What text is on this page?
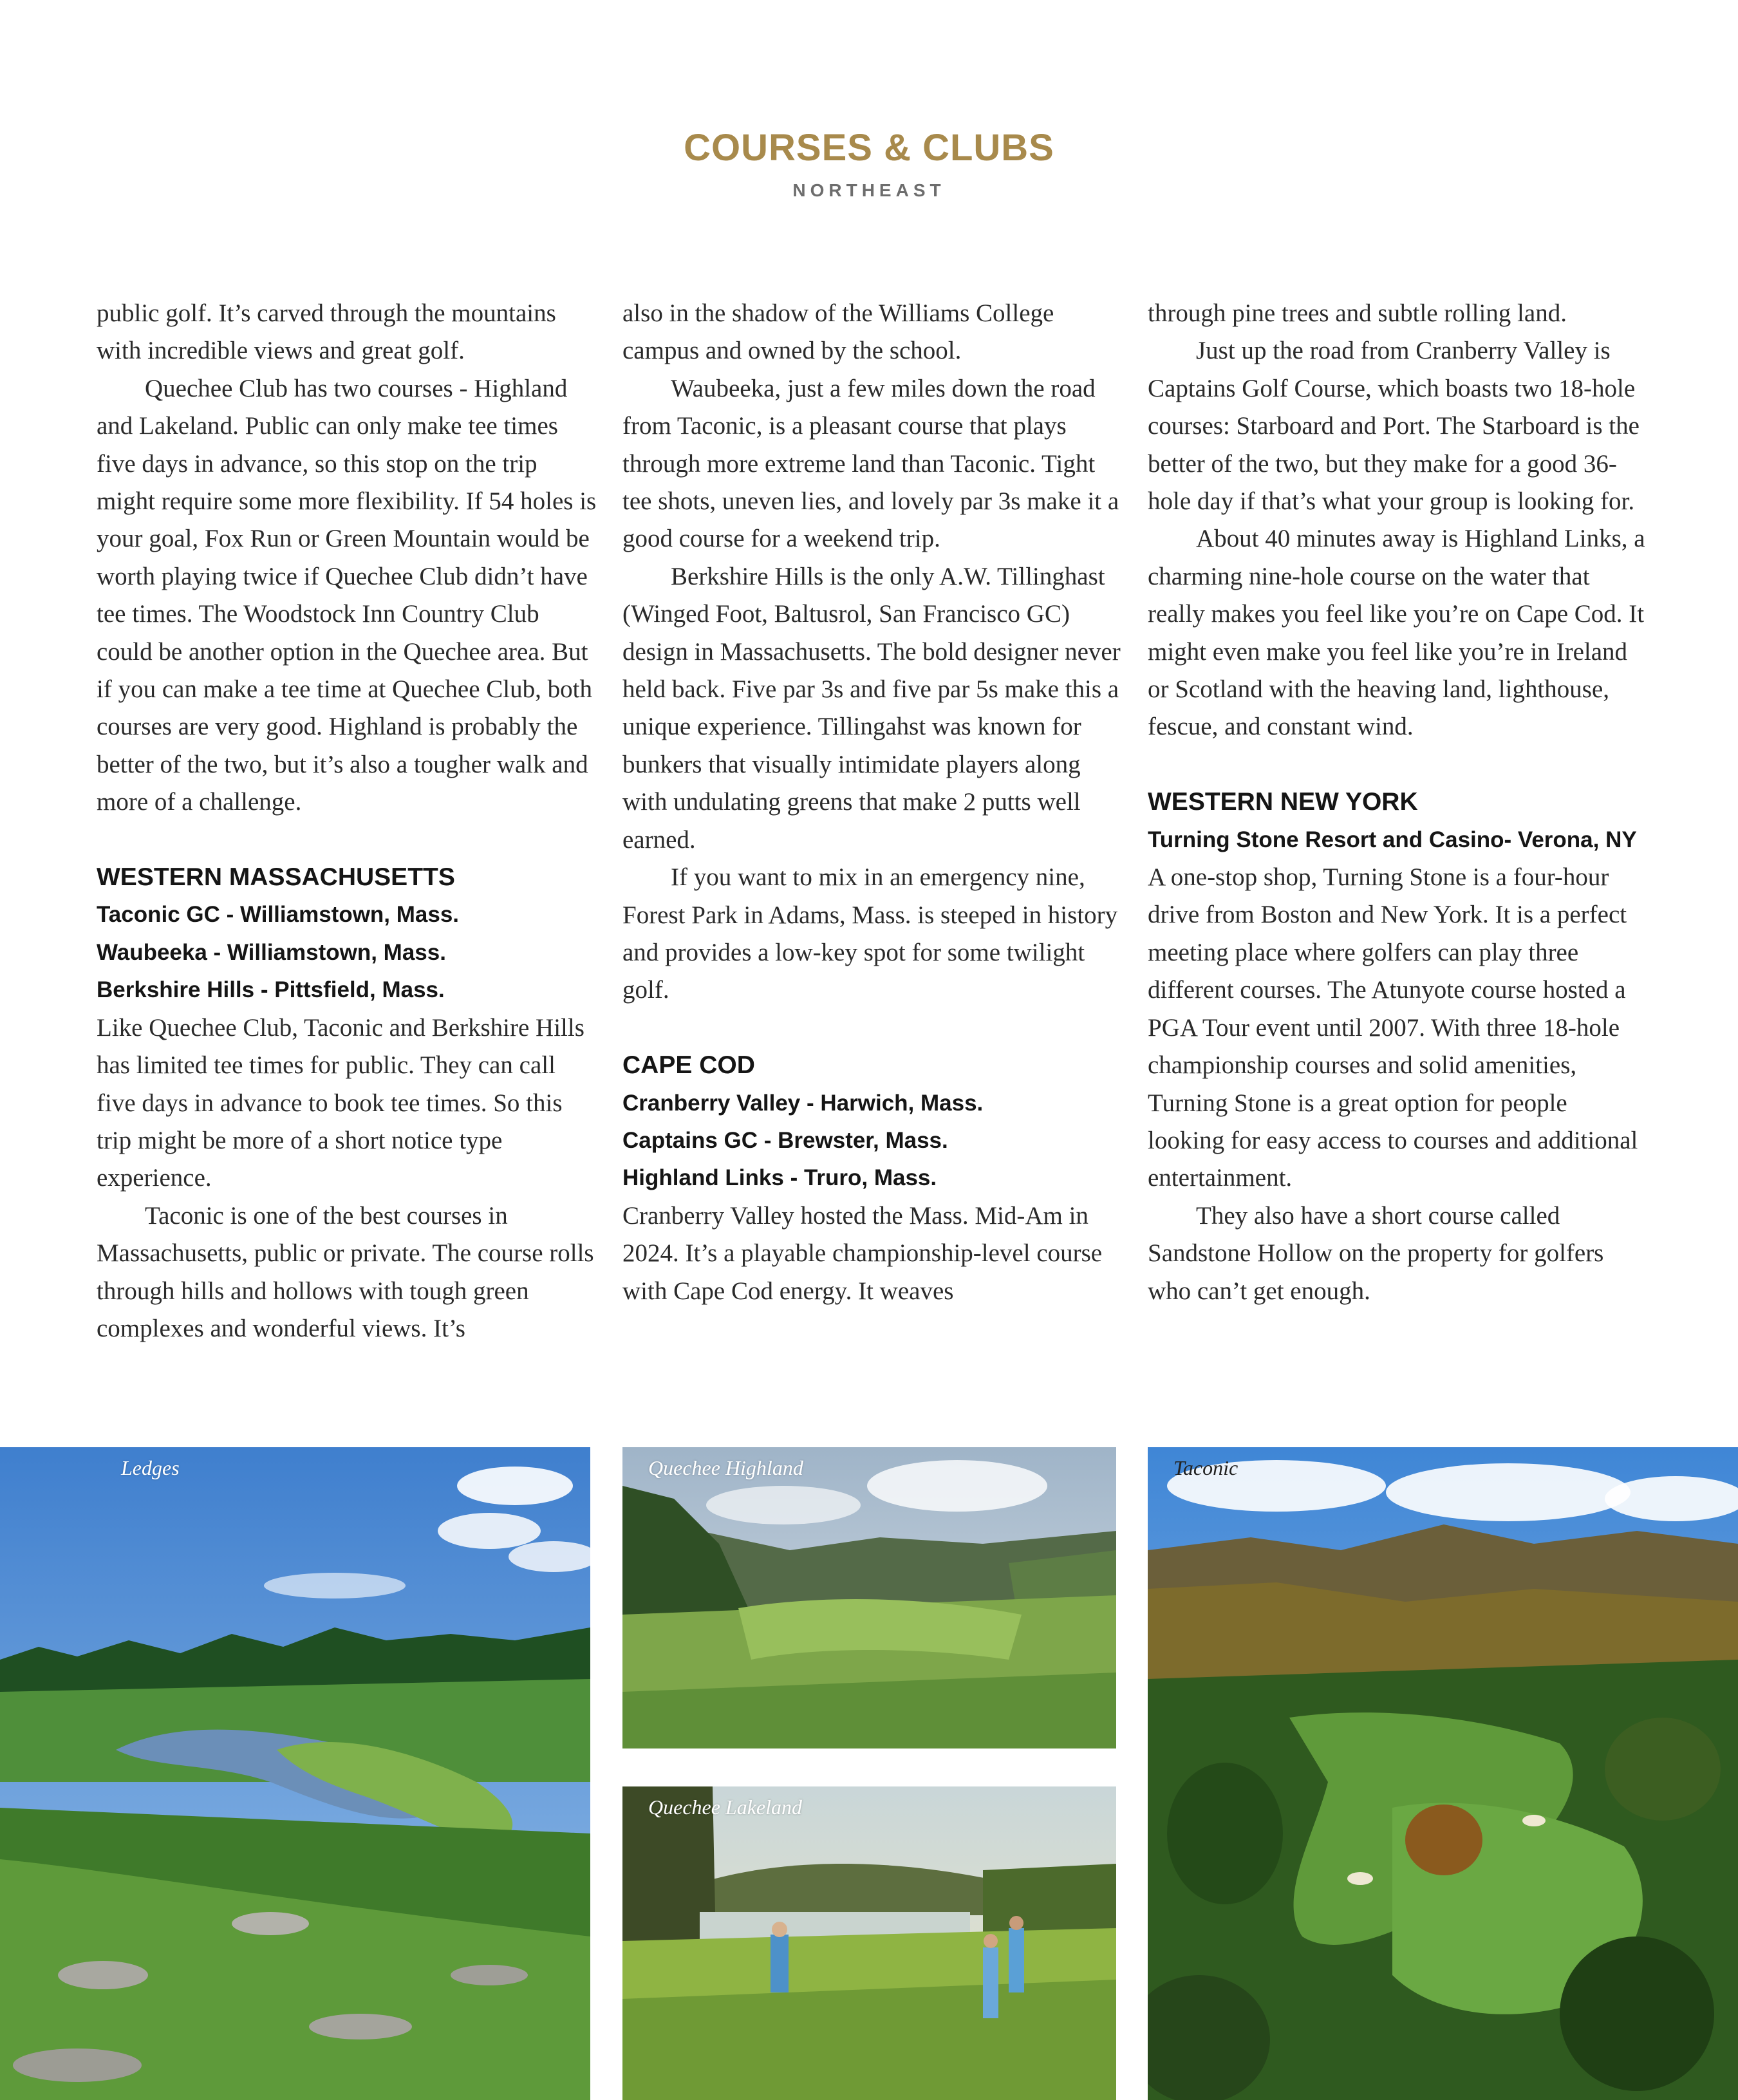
COURSES & CLUBS
NORTHEAST

public golf. It’s carved through the mountains with incredible views and great golf.

Quechee Club has two courses - Highland and Lakeland. Public can only make tee times five days in advance, so this stop on the trip might require some more flexibility. If 54 holes is your goal, Fox Run or Green Mountain would be worth playing twice if Quechee Club didn’t have tee times. The Woodstock Inn Country Club could be another option in the Quechee area. But if you can make a tee time at Quechee Club, both courses are very good. Highland is probably the better of the two, but it’s also a tougher walk and more of a challenge.

WESTERN MASSACHUSETTS
Taconic GC - Williamstown, Mass.
Waubeeka - Williamstown, Mass.
Berkshire Hills - Pittsfield, Mass.

Like Quechee Club, Taconic and Berkshire Hills has limited tee times for public. They can call five days in advance to book tee times. So this trip might be more of a short notice type experience.

Taconic is one of the best courses in Massachusetts, public or private. The course rolls through hills and hollows with tough green complexes and wonderful views. It’s

also in the shadow of the Williams College campus and owned by the school.

Waubeeka, just a few miles down the road from Taconic, is a pleasant course that plays through more extreme land than Taconic. Tight tee shots, uneven lies, and lovely par 3s make it a good course for a weekend trip.

Berkshire Hills is the only A.W. Tillinghast (Winged Foot, Baltusrol, San Francisco GC) design in Massachusetts. The bold designer never held back. Five par 3s and five par 5s make this a unique experience. Tillingahst was known for bunkers that visually intimidate players along with undulating greens that make 2 putts well earned.

If you want to mix in an emergency nine, Forest Park in Adams, Mass. is steeped in history and provides a low-key spot for some twilight golf.

CAPE COD
Cranberry Valley - Harwich, Mass.
Captains GC - Brewster, Mass.
Highland Links - Truro, Mass.

Cranberry Valley hosted the Mass. Mid-Am in 2024. It’s a playable championship-level course with Cape Cod energy. It weaves

through pine trees and subtle rolling land.

Just up the road from Cranberry Valley is Captains Golf Course, which boasts two 18-hole courses: Starboard and Port. The Starboard is the better of the two, but they make for a good 36-hole day if that’s what your group is looking for.

About 40 minutes away is Highland Links, a charming nine-hole course on the water that really makes you feel like you’re on Cape Cod. It might even make you feel like you’re in Ireland or Scotland with the heaving land, lighthouse, fescue, and constant wind.

WESTERN NEW YORK
Turning Stone Resort and Casino- Verona, NY

A one-stop shop, Turning Stone is a four-hour drive from Boston and New York. It is a perfect meeting place where golfers can play three different courses. The Atunyote course hosted a PGA Tour event until 2007. With three 18-hole championship courses and solid amenities, Turning Stone is a great option for people looking for easy access to courses and additional entertainment.

They also have a short course called Sandstone Hollow on the property for golfers who can’t get enough.

Ledges	Quechee Highland
Quechee Lakeland
Taconic
